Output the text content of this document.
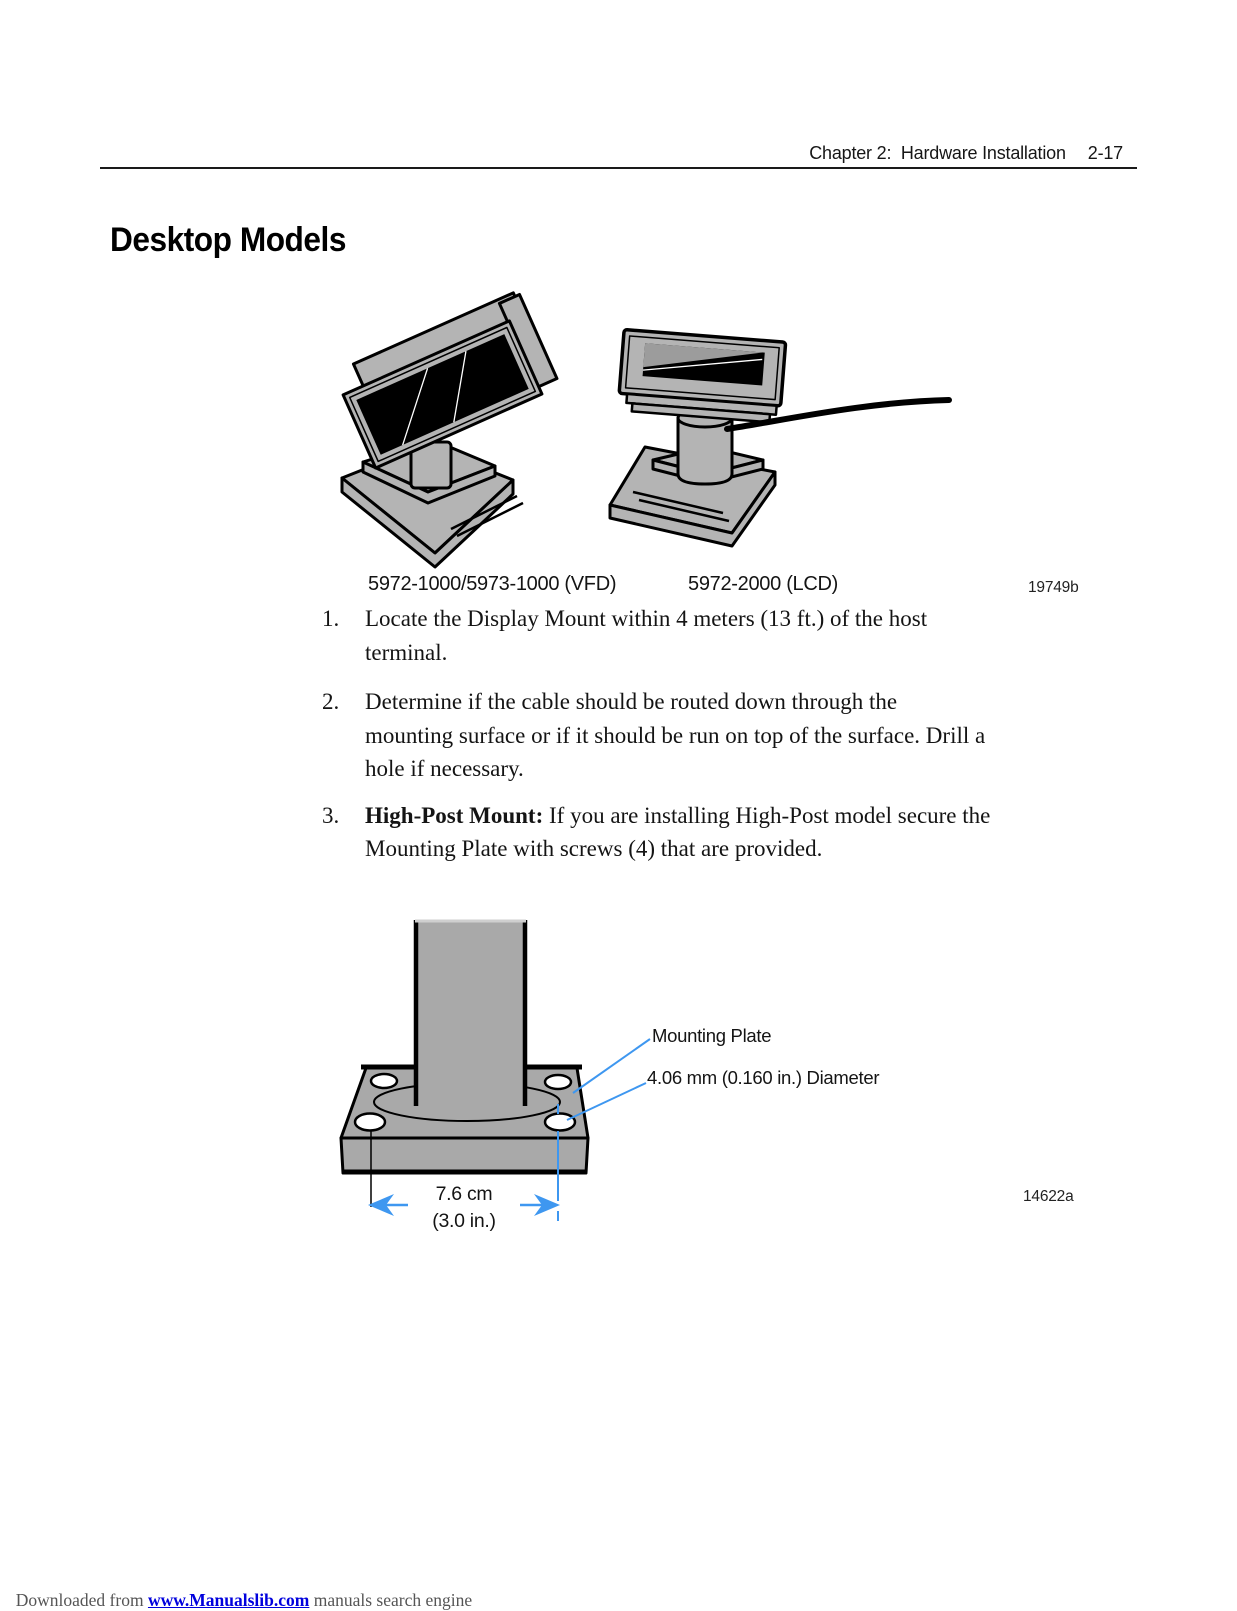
Chapter 2:  Hardware Installation 2-17
Desktop Models
5972-1000/5973-1000 (VFD)	5972-2000 (LCD)	19749b
1.	Locate the Display Mount within 4 meters (13 ft.) of the host
terminal.
2.	Determine if the cable should be routed down through the
mounting surface or if it should be run on top of the surface. Drill a
hole if necessary.
3.	High-Post Mount: If you are installing High-Post model secure the
Mounting Plate with screws (4) that are provided.
Mounting Plate
4.06 mm (0.160 in.) Diameter
7.6 cm
(3.0 in.)
14622a

Downloaded from www.Manualslib.com manuals search engine
